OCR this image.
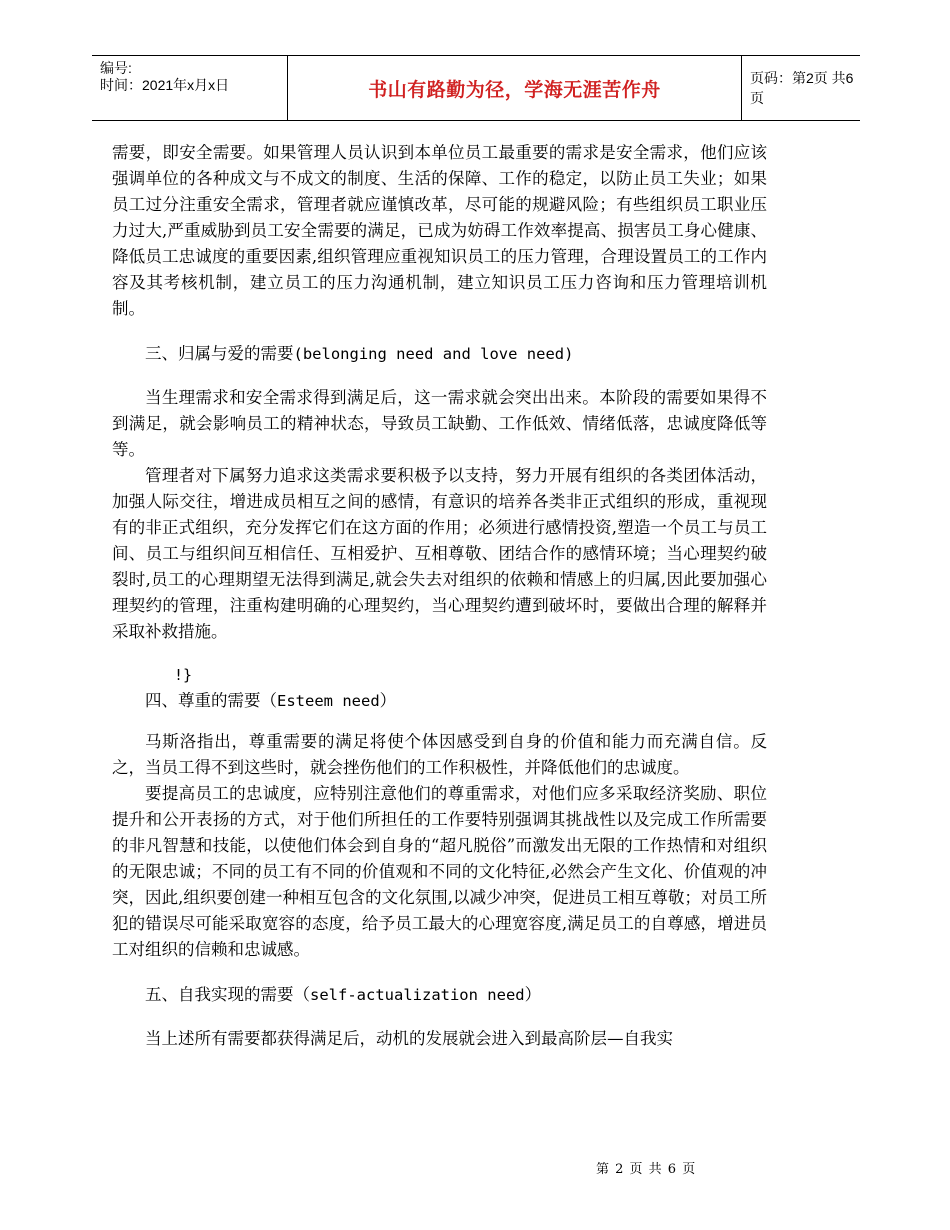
编号:
时间：2021年x月x日	书山有路勤为径，学海无涯苦作舟
页码：第2页 共6页

需要，即安全需要。如果管理人员认识到本单位员工最重要的需求是安全需求，他们应该强调单位的各种成文与不成文的制度、生活的保障、工作的稳定，以防止员工失业；如果员工过分注重安全需求，管理者就应谨慎改革，尽可能的规避风险；有些组织员工职业压力过大,严重威胁到员工安全需要的满足，已成为妨碍工作效率提高、损害员工身心健康、降低员工忠诚度的重要因素,组织管理应重视知识员工的压力管理，合理设置员工的工作内容及其考核机制，建立员工的压力沟通机制，建立知识员工压力咨询和压力管理培训机制。

三、归属与爱的需要(belonging need and love need)

当生理需求和安全需求得到满足后，这一需求就会突出出来。本阶段的需要如果得不到满足，就会影响员工的精神状态，导致员工缺勤、工作低效、情绪低落，忠诚度降低等等。

管理者对下属努力追求这类需求要积极予以支持，努力开展有组织的各类团体活动，加强人际交往，增进成员相互之间的感情，有意识的培养各类非正式组织的形成，重视现有的非正式组织，充分发挥它们在这方面的作用；必须进行感情投资,塑造一个员工与员工间、员工与组织间互相信任、互相爱护、互相尊敬、团结合作的感情环境；当心理契约破裂时,员工的心理期望无法得到满足,就会失去对组织的依赖和情感上的归属,因此要加强心理契约的管理，注重构建明确的心理契约，当心理契约遭到破坏时，要做出合理的解释并采取补救措施。

!}

四、尊重的需要（Esteem need）

马斯洛指出，尊重需要的满足将使个体因感受到自身的价值和能力而充满自信。反之，当员工得不到这些时，就会挫伤他们的工作积极性，并降低他们的忠诚度。

要提高员工的忠诚度，应特别注意他们的尊重需求，对他们应多采取经济奖励、职位提升和公开表扬的方式，对于他们所担任的工作要特别强调其挑战性以及完成工作所需要的非凡智慧和技能，以使他们体会到自身的“超凡脱俗”而激发出无限的工作热情和对组织的无限忠诚；不同的员工有不同的价值观和不同的文化特征,必然会产生文化、价值观的冲突，因此,组织要创建一种相互包含的文化氛围,以减少冲突，促进员工相互尊敬；对员工所犯的错误尽可能采取宽容的态度，给予员工最大的心理宽容度,满足员工的自尊感，增进员工对组织的信赖和忠诚感。

五、自我实现的需要（self-actualization need）

当上述所有需要都获得满足后，动机的发展就会进入到最高阶层—自我实

第 2 页 共 6 页
